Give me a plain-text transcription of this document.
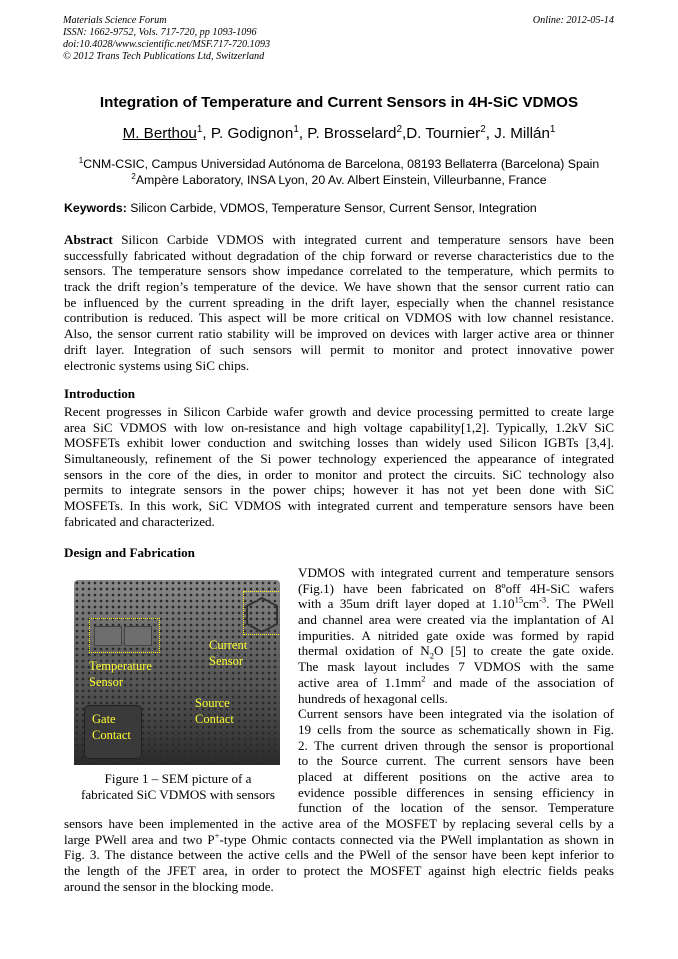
Materials Science Forum
ISSN: 1662-9752, Vols. 717-720, pp 1093-1096
doi:10.4028/www.scientific.net/MSF.717-720.1093
© 2012 Trans Tech Publications Ltd, Switzerland
Online: 2012-05-14
Integration of Temperature and Current Sensors in 4H-SiC VDMOS
M. Berthou$^1$, P. Godignon$^1$, P. Brosselard$^2$,D. Tournier$^2$, J. Millán$^1$
$^1$CNM-CSIC, Campus Universidad Autónoma de Barcelona, 08193 Bellaterra (Barcelona) Spain
$^2$Ampère Laboratory, INSA Lyon, 20 Av. Albert Einstein, Villeurbanne, France
Keywords: Silicon Carbide, VDMOS, Temperature Sensor, Current Sensor, Integration
Abstract Silicon Carbide VDMOS with integrated current and temperature sensors have been
successfully fabricated without degradation of the chip forward or reverse characteristics due to the
sensors. The temperature sensors show impedance correlated to the temperature, which permits to
track the drift region’s temperature of the device. We have shown that the sensor current ratio can
be influenced by the current spreading in the drift layer, especially when the channel resistance
contribution is reduced. This aspect will be more critical on VDMOS with low channel resistance.
Also, the sensor current ratio stability will be improved on devices with larger active area or thinner
drift layer. Integration of such sensors will permit to monitor and protect innovative power
electronic systems using SiC chips.
Introduction
Recent progresses in Silicon Carbide wafer growth and device processing permitted to create large
area SiC VDMOS with low on-resistance and high voltage capability[1,2]. Typically, 1.2kV SiC
MOSFETs exhibit lower conduction and switching losses than widely used Silicon IGBTs [3,4].
Simultaneously, refinement of the Si power technology experienced the appearance of integrated
sensors in the core of the dies, in order to monitor and protect the circuits. SiC technology also
permits to integrate sensors in the power chips; however it has not yet been done with SiC
MOSFETs. In this work, SiC VDMOS with integrated current and temperature sensors have been
fabricated and characterized.
Design and Fabrication
Current
Sensor
Temperature
Sensor
Source
Contact
Gate
Contact
Figure 1 – SEM picture of a
fabricated SiC VDMOS with sensors
VDMOS with integrated current and temperature sensors
(Fig.1) have been fabricated on 8ºoff 4H-SiC wafers
with a 35um drift layer doped at $1.10^{15}cm^{-3}$. The PWell
and channel area were created via the implantation of Al
impurities. A nitrided gate oxide was formed by rapid
thermal oxidation of $N_2O$ [5] to create the gate oxide.
The mask layout includes 7 VDMOS with the same
active area of $1.1mm^2$ and made of the association of
hundreds of hexagonal cells.
Current sensors have been integrated via the isolation of
19 cells from the source as schematically shown in Fig.
2. The current driven through the sensor is proportional
to the Source current. The current sensors have been
placed at different positions on the active area to
evidence possible differences in sensing efficiency in
function of the location of the sensor. Temperature
sensors have been implemented in the active area of the MOSFET by replacing several cells by a
large PWell area and two P+-type Ohmic contacts connected via the PWell implantation as shown in
Fig. 3. The distance between the active cells and the PWell of the sensor have been kept inferior to
the length of the JFET area, in order to protect the MOSFET against high electric fields peaks
around the sensor in the blocking mode.
